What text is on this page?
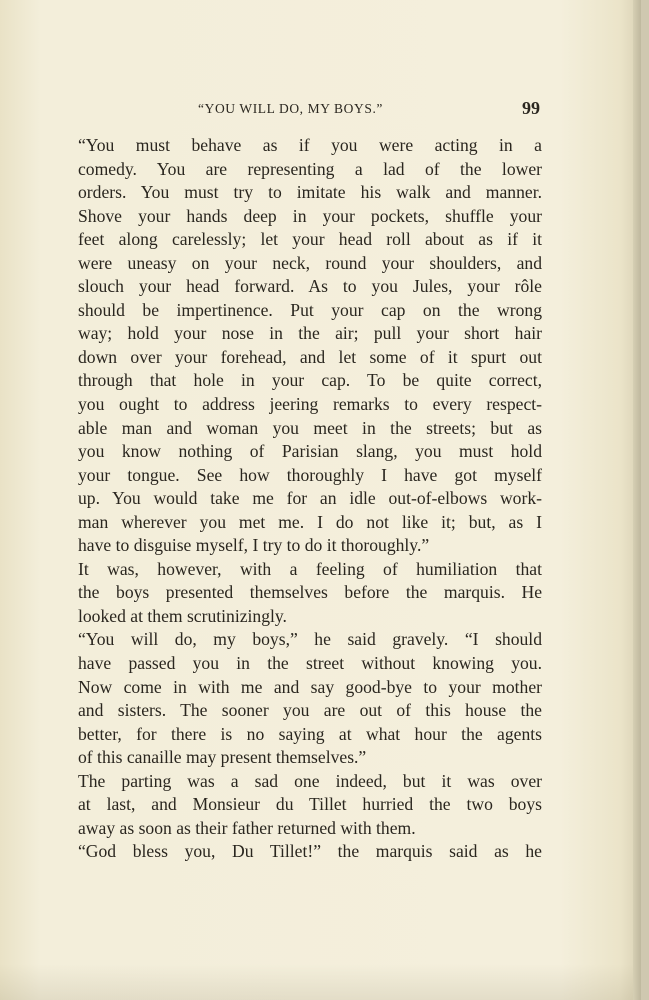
“YOU WILL DO, MY BOYS.”	99
“You must behave as if you were acting in a
comedy. You are representing a lad of the lower
orders. You must try to imitate his walk and manner.
Shove your hands deep in your pockets, shuffle your
feet along carelessly; let your head roll about as if it
were uneasy on your neck, round your shoulders, and
slouch your head forward. As to you Jules, your rôle
should be impertinence. Put your cap on the wrong
way; hold your nose in the air; pull your short hair
down over your forehead, and let some of it spurt out
through that hole in your cap. To be quite correct,
you ought to address jeering remarks to every respect-
able man and woman you meet in the streets; but as
you know nothing of Parisian slang, you must hold
your tongue. See how thoroughly I have got myself
up. You would take me for an idle out-of-elbows work-
man wherever you met me. I do not like it; but, as I
have to disguise myself, I try to do it thoroughly.”
It was, however, with a feeling of humiliation that
the boys presented themselves before the marquis. He
looked at them scrutinizingly.
“You will do, my boys,” he said gravely. “I should
have passed you in the street without knowing you.
Now come in with me and say good-bye to your mother
and sisters. The sooner you are out of this house the
better, for there is no saying at what hour the agents
of this canaille may present themselves.”
The parting was a sad one indeed, but it was over
at last, and Monsieur du Tillet hurried the two boys
away as soon as their father returned with them.
“God bless you, Du Tillet!” the marquis said as he
